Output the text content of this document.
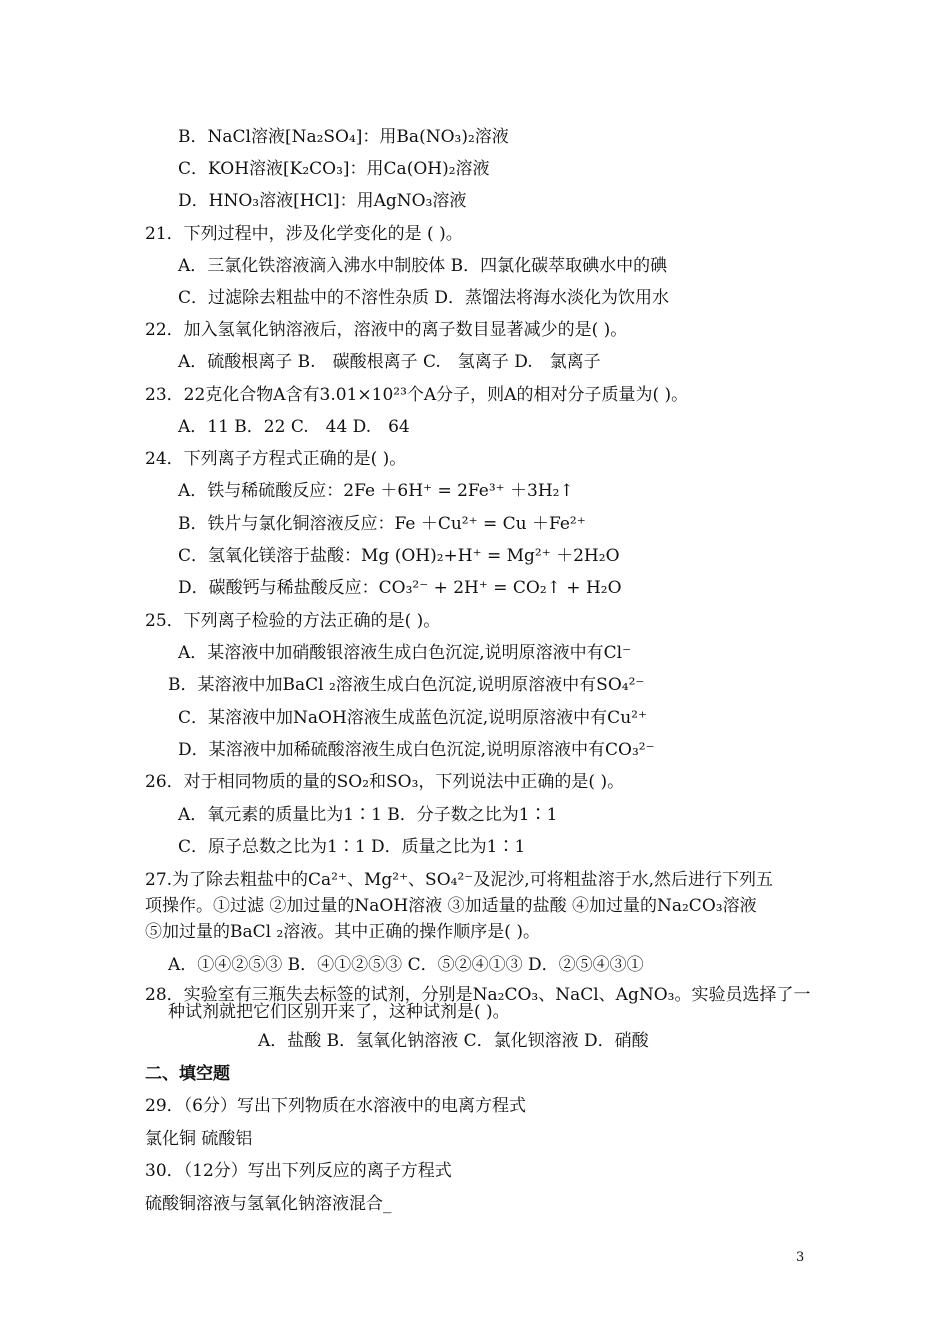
B．NaCl溶液[Na₂SO₄]：用Ba(NO₃)₂溶液
C．KOH溶液[K₂CO₃]：用Ca(OH)₂溶液
D．HNO₃溶液[HCl]：用AgNO₃溶液
21．下列过程中，涉及化学变化的是 ( )。
A．三氯化铁溶液滴入沸水中制胶体 B．四氯化碳萃取碘水中的碘
C．过滤除去粗盐中的不溶性杂质 D．蒸馏法将海水淡化为饮用水
22．加入氢氧化钠溶液后，溶液中的离子数目显著减少的是( )。
A．硫酸根离子 B.　碳酸根离子 C.　氢离子 D.　氯离子
23．22克化合物A含有3.01×10²³个A分子，则A的相对分子质量为( )。
A．11 B．22 C.　44 D.　64
24．下列离子方程式正确的是( )。
A．铁与稀硫酸反应：2Fe ＋6H⁺ = 2Fe³⁺ ＋3H₂↑
B．铁片与氯化铜溶液反应：Fe ＋Cu²⁺ = Cu ＋Fe²⁺
C．氢氧化镁溶于盐酸：Mg (OH)₂+H⁺ = Mg²⁺ ＋2H₂O
D．碳酸钙与稀盐酸反应：CO₃²⁻ + 2H⁺ = CO₂↑ + H₂O
25．下列离子检验的方法正确的是( )。
A．某溶液中加硝酸银溶液生成白色沉淀,说明原溶液中有Cl⁻
B．某溶液中加BaCl ₂溶液生成白色沉淀,说明原溶液中有SO₄²⁻
C．某溶液中加NaOH溶液生成蓝色沉淀,说明原溶液中有Cu²⁺
D．某溶液中加稀硫酸溶液生成白色沉淀,说明原溶液中有CO₃²⁻
26．对于相同物质的量的SO₂和SO₃，下列说法中正确的是( )。
A．氧元素的质量比为1∶1 B．分子数之比为1∶1
C．原子总数之比为1∶1 D．质量之比为1∶1
27.为了除去粗盐中的Ca²⁺、Mg²⁺、SO₄²⁻及泥沙,可将粗盐溶于水,然后进行下列五
项操作。①过滤 ②加过量的NaOH溶液 ③加适量的盐酸 ④加过量的Na₂CO₃溶液
⑤加过量的BaCl ₂溶液。其中正确的操作顺序是( )。
A．①④②⑤③ B．④①②⑤③ C．⑤②④①③ D．②⑤④③①
28．实验室有三瓶失去标签的试剂，分别是Na₂CO₃、NaCl、AgNO₃。实验员选择了一
种试剂就把它们区别开来了，这种试剂是( )。
A．盐酸 B．氢氧化钠溶液 C．氯化钡溶液 D．硝酸
二、填空题
29．（6分）写出下列物质在水溶液中的电离方程式
氯化铜 硫酸铝
30．（12分）写出下列反应的离子方程式
硫酸铜溶液与氢氧化钠溶液混合_
3
